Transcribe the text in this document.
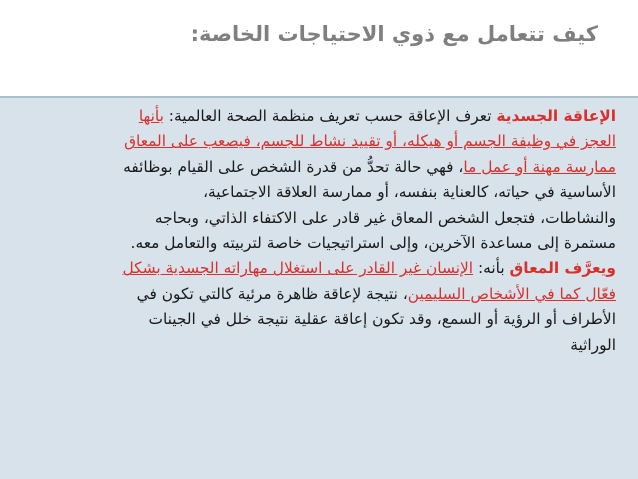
كيف تتعامل مع ذوي الاحتياجات الخاصة:
الإعاقة الجسدية تعرف الإعاقة حسب تعريف منظمة الصحة العالمية: بأنها
العجز في وظيفة الجسم أو هيكله، أو تقييد نشاط للجسم، فيصعب على المعاق
ممارسة مهنة أو عمل ما، فهي حالة تحدُّ من قدرة الشخص على القيام بوظائفه
الأساسية في حياته، كالعناية بنفسه، أو ممارسة العلاقة الاجتماعية،
والنشاطات، فتجعل الشخص المعاق غير قادر على الاكتفاء الذاتي، وبحاجه
مستمرة إلى مساعدة الآخرين، وإلى استراتيجيات خاصة لتربيته والتعامل معه.
ويعرَّف المعاق بأنه: الإنسان غير القادر على استغلال مهاراته الجسدية بشكل
فعّال كما في الأشخاص السليمين، نتيجة لإعاقة ظاهرة مرئية كالتي تكون في
الأطراف أو الرؤية أو السمع، وقد تكون إعاقة عقلية نتيجة خلل في الجينات
الوراثية
